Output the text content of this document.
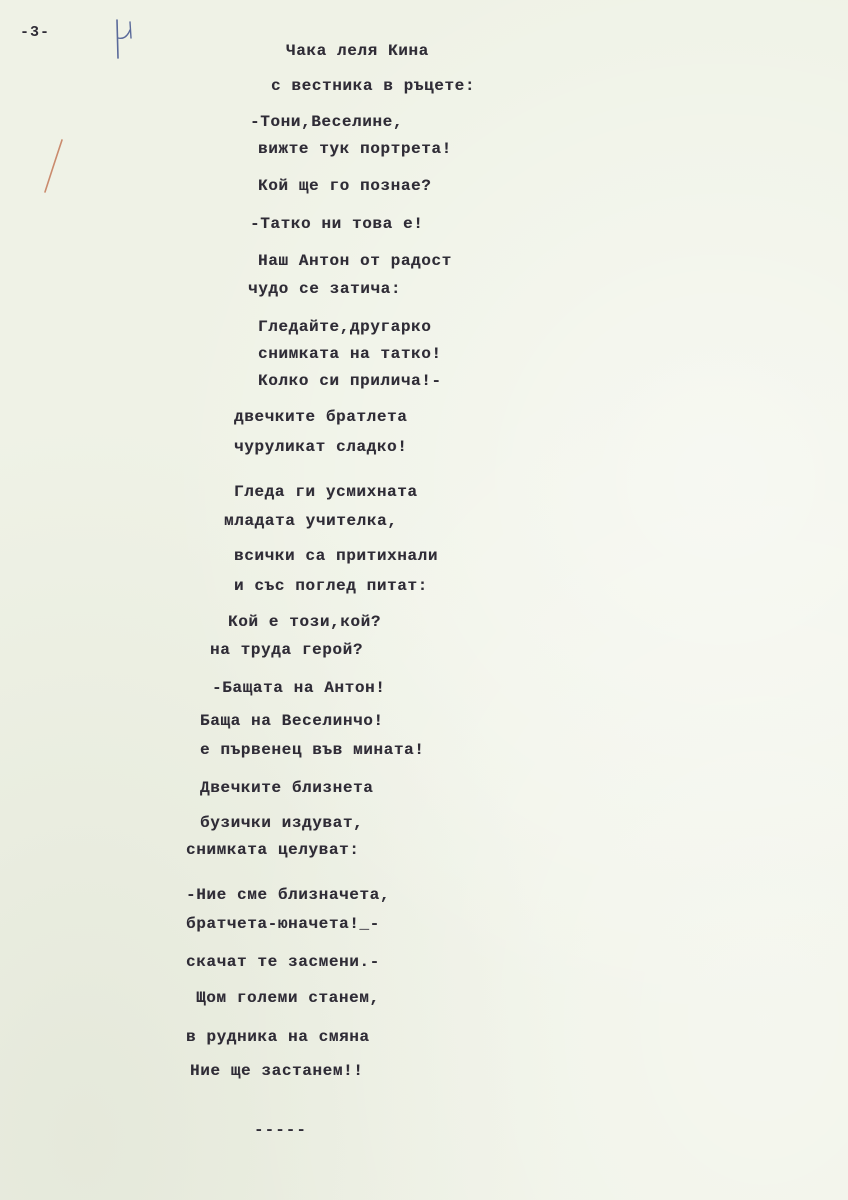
-3-
Чака леля Кина
с вестника в ръцете:
-Тони,Веселине,
вижте тук портрета!
Кой ще го познае?
-Татко ни това е!
Наш Антон от радост
чудо се затича:
Гледайте,другарко
снимката на татко!
Колко си прилича!-
двечките братлета
чуруликат сладко!
Гледа ги усмихната
младата учителка,
всички са притихнали
и със поглед питат:
Кой е този,кой?
на труда герой?
-Бащата на Антон!
Баща на Веселинчо!
е първенец във мината!
Двечките близнета
бузички издуват,
снимката целуват:
-Ние сме близначета,
братчета-юначета!_-
скачат те засмени.-
Щом големи станем,
в рудника на смяна
Ние ще застанем!!
-----
